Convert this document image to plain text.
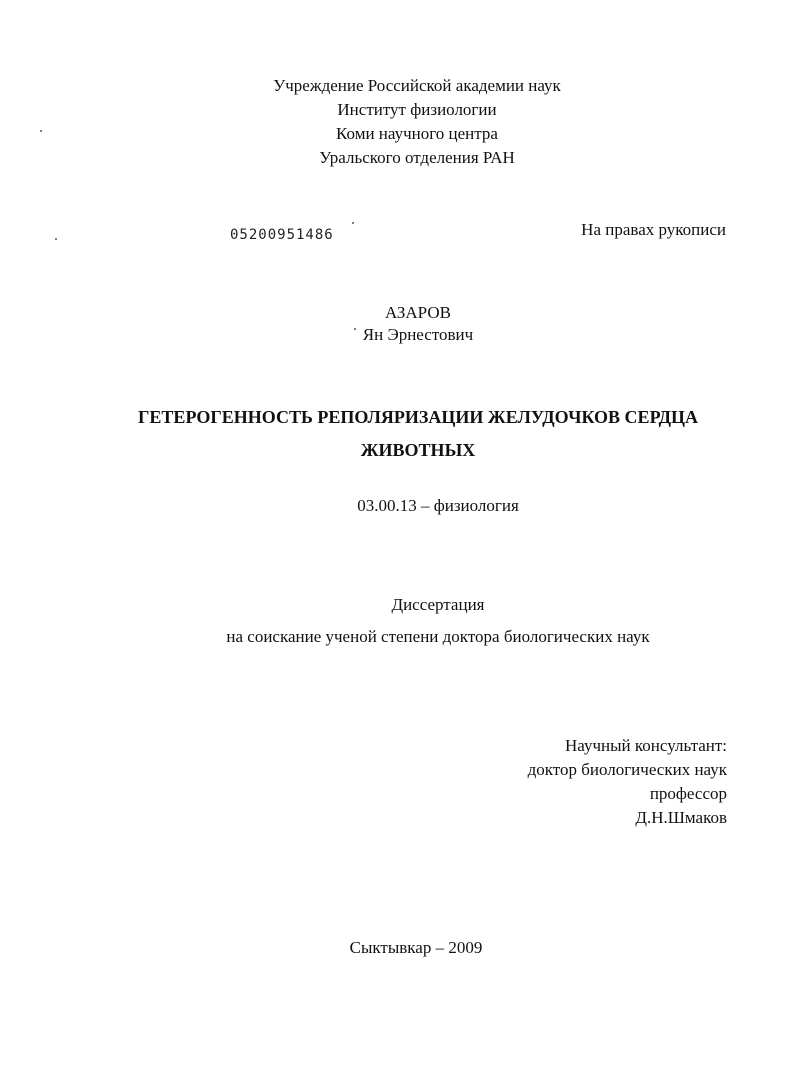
Учреждение Российской академии наук
Институт физиологии
Коми научного центра
Уральского отделения РАН
05200951486	На правах рукописи
АЗАРОВ
Ян Эрнестович
ГЕТЕРОГЕННОСТЬ РЕПОЛЯРИЗАЦИИ ЖЕЛУДОЧКОВ СЕРДЦА
ЖИВОТНЫХ
03.00.13 – физиология
Диссертация
на соискание ученой степени доктора биологических наук
Научный консультант:
доктор биологических наук
профессор
Д.Н.Шмаков
Сыктывкар – 2009
